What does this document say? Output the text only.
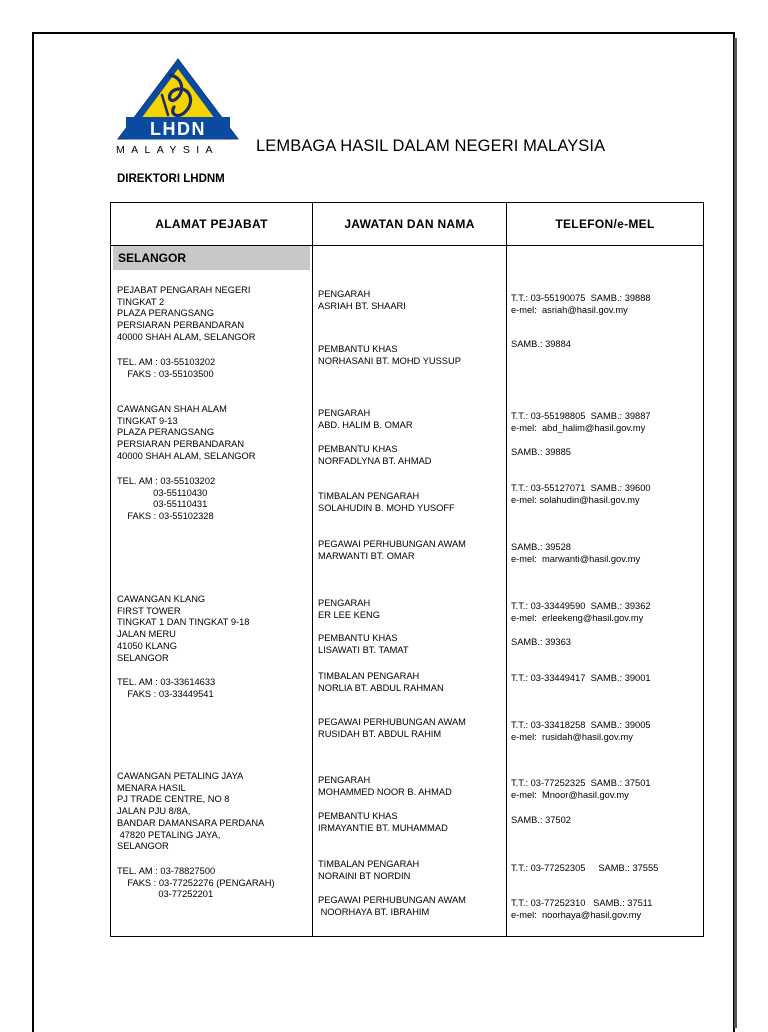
LHDN
MALAYSIA LEMBAGA HASIL DALAM NEGERI MALAYSIA
DIREKTORI LHDNM
ALAMAT PEJABAT	JAWATAN DAN NAMA	TELEFON/e-MEL
SELANGOR
PEJABAT PENGARAH NEGERI
TINGKAT 2
PLAZA PERANGSANG
PERSIARAN PERBANDARAN
40000 SHAH ALAM, SELANGOR
TEL. AM : 03-55103202
FAKS : 03-55103500
PENGARAH
ASRIAH BT. SHAARI
T.T.: 03-55190075  SAMB.: 39888
e-mel:  asriah@hasil.gov.my
PEMBANTU KHAS
NORHASANI BT. MOHD YUSSUP
SAMB.: 39884
CAWANGAN SHAH ALAM
TINGKAT 9-13
PLAZA PERANGSANG
PERSIARAN PERBANDARAN
40000 SHAH ALAM, SELANGOR
TEL. AM : 03-55103202
03-55110430
03-55110431
FAKS : 03-55102328
PENGARAH
ABD. HALIM B. OMAR
T.T.: 03-55198805  SAMB.: 39887
e-mel:  abd_halim@hasil.gov.my
PEMBANTU KHAS
NORFADLYNA BT. AHMAD
SAMB.: 39885
TIMBALAN PENGARAH
SOLAHUDIN B. MOHD YUSOFF
T.T.: 03-55127071  SAMB.: 39600
e-mel: solahudin@hasil.gov.my
PEGAWAI PERHUBUNGAN AWAM
MARWANTI BT. OMAR
SAMB.: 39528
e-mel:  marwanti@hasil.gov.my
CAWANGAN KLANG
FIRST TOWER
TINGKAT 1 DAN TINGKAT 9-18
JALAN MERU
41050 KLANG
SELANGOR
TEL. AM : 03-33614633
FAKS : 03-33449541
PENGARAH
ER LEE KENG
T.T.: 03-33449590  SAMB.: 39362
e-mel:  erleekeng@hasil.gov.my
PEMBANTU KHAS
LISAWATI BT. TAMAT
SAMB.: 39363
TIMBALAN PENGARAH
NORLIA BT. ABDUL RAHMAN
T.T.: 03-33449417  SAMB.: 39001
PEGAWAI PERHUBUNGAN AWAM
RUSIDAH BT. ABDUL RAHIM
T.T.: 03-33418258  SAMB.: 39005
e-mel:  rusidah@hasil.gov.my
CAWANGAN PETALING JAYA
MENARA HASIL
PJ TRADE CENTRE, NO 8
JALAN PJU 8/8A,
BANDAR DAMANSARA PERDANA
47820 PETALING JAYA,
SELANGOR
TEL. AM : 03-78827500
FAKS : 03-77252276 (PENGARAH)
03-77252201
PENGARAH
MOHAMMED NOOR B. AHMAD
T.T.: 03-77252325  SAMB.: 37501
e-mel:  Mnoor@hasil.gov.my
PEMBANTU KHAS
IRMAYANTIE BT. MUHAMMAD
SAMB.: 37502
TIMBALAN PENGARAH
NORAINI BT NORDIN
T.T.: 03-77252305     SAMB.: 37555
PEGAWAI PERHUBUNGAN AWAM
NOORHAYA BT. IBRAHIM
T.T.: 03-77252310   SAMB.: 37511
e-mel:  noorhaya@hasil.gov.my
